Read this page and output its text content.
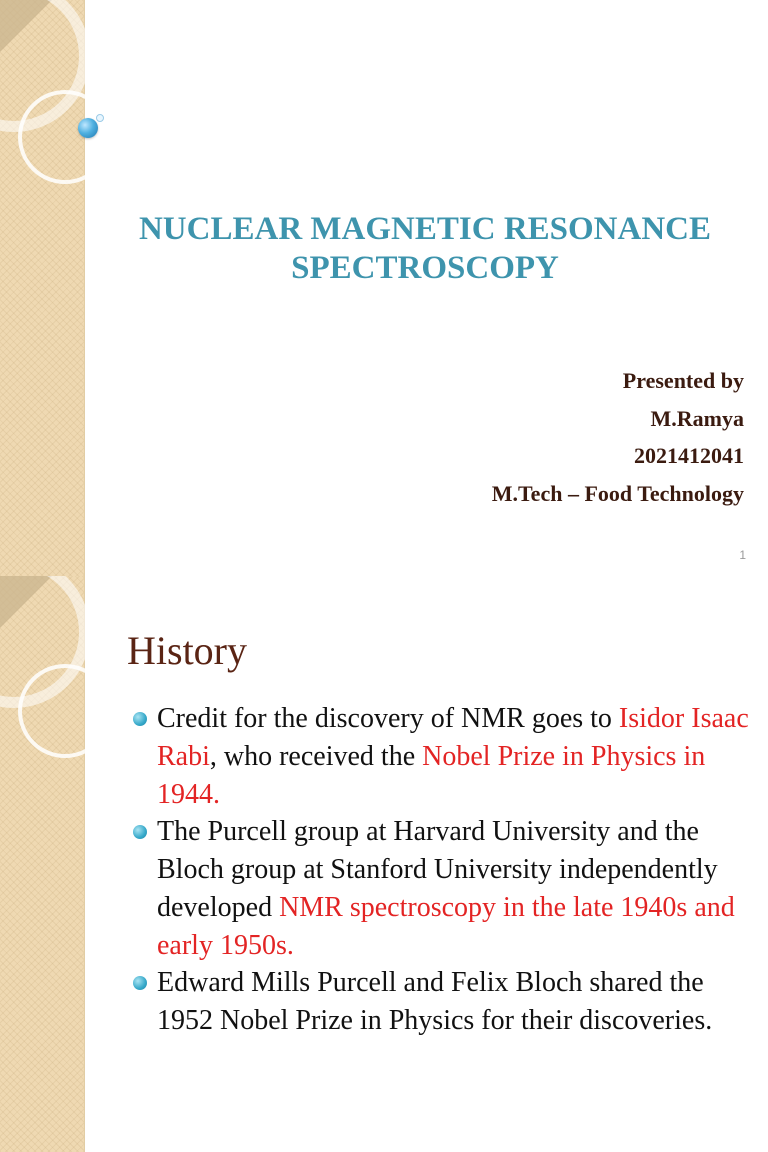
NUCLEAR MAGNETIC RESONANCE
SPECTROSCOPY
Presented by
M.Ramya
2021412041
M.Tech – Food Technology
1
History
Credit for the discovery of NMR goes to Isidor Isaac Rabi, who received the Nobel Prize in Physics in 1944.
The Purcell group at Harvard University and the Bloch group at Stanford University independently developed NMR spectroscopy in the late 1940s and early 1950s.
Edward Mills Purcell and Felix Bloch shared the 1952 Nobel Prize in Physics for their discoveries.
